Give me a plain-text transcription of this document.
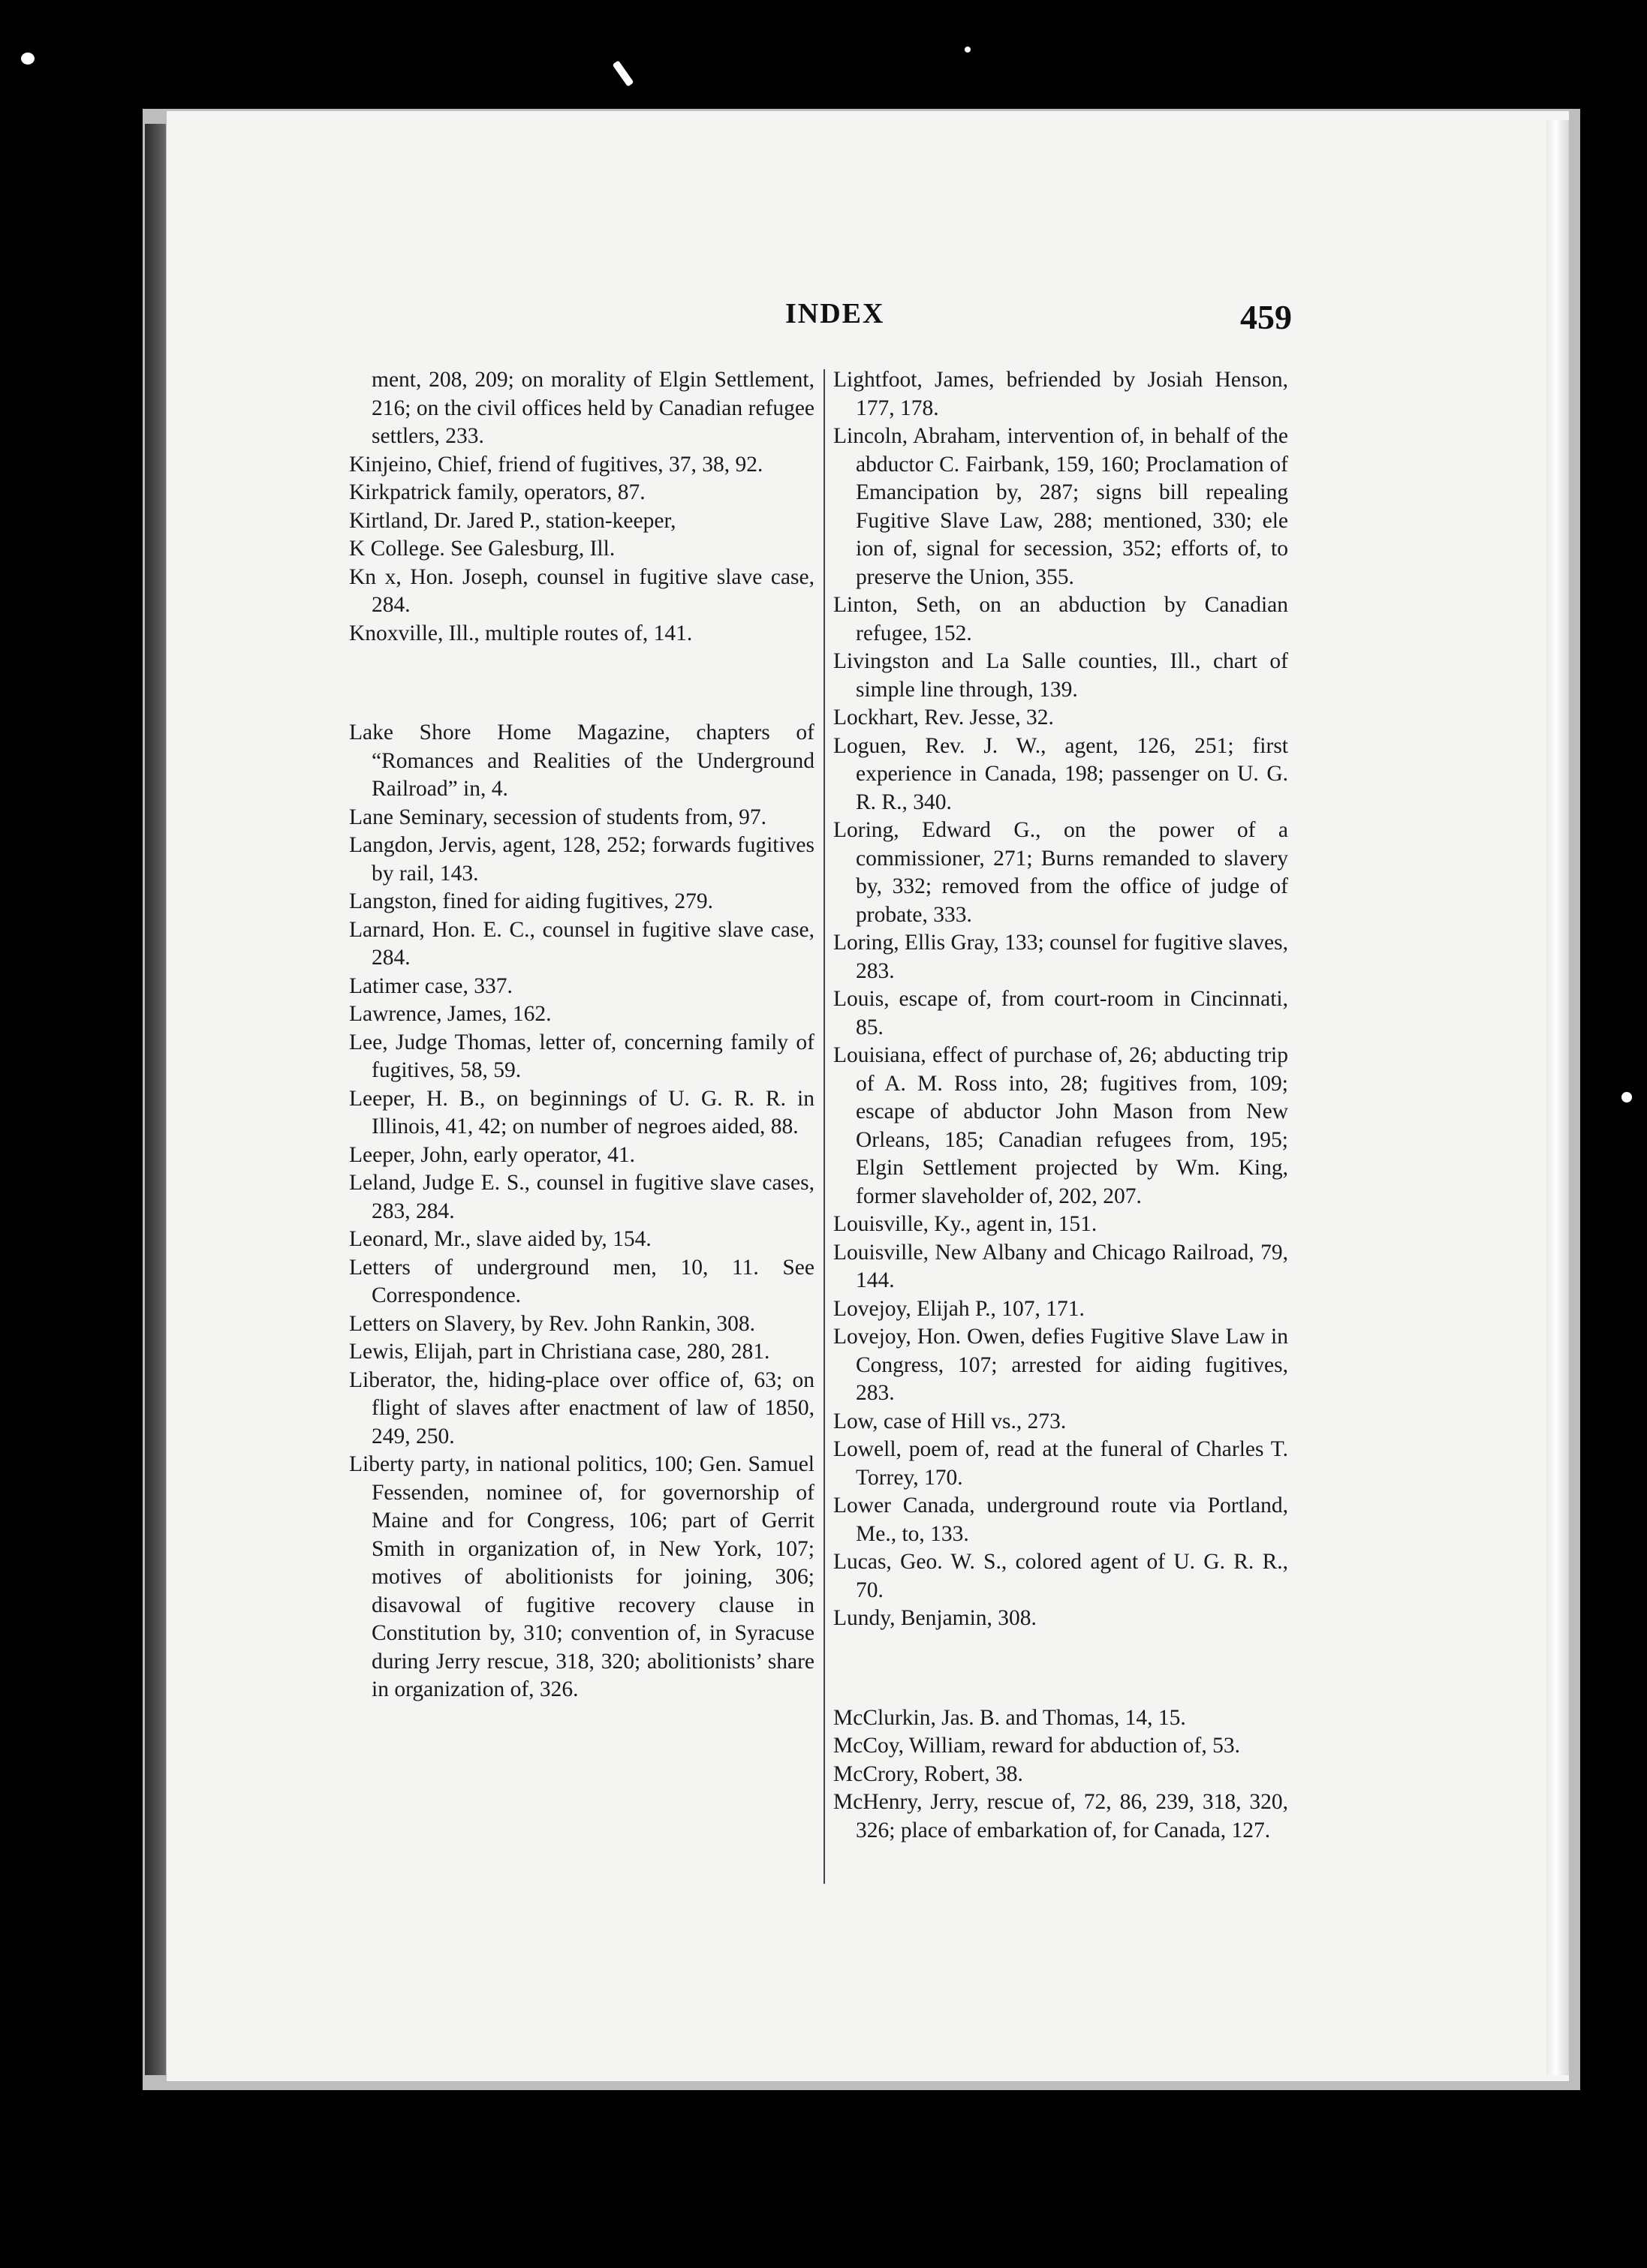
INDEX	459

ment, 208, 209; on morality of Elgin Settlement, 216; on the civil offices held by Canadian refugee settlers, 233.

Kinjeino, Chief, friend of fugitives, 37, 38, 92.

Kirkpatrick family, operators, 87.

Kirtland, Dr. Jared P., station-keeper,

K College. See Galesburg, Ill.

Kn x, Hon. Joseph, counsel in fugitive slave case, 284.

Knoxville, Ill., multiple routes of, 141.

Lake Shore Home Magazine, chapters of “Romances and Realities of the Underground Railroad” in, 4.

Lane Seminary, secession of students from, 97.

Langdon, Jervis, agent, 128, 252; forwards fugitives by rail, 143.

Langston, fined for aiding fugitives, 279.

Larnard, Hon. E. C., counsel in fugitive slave case, 284.

Latimer case, 337.

Lawrence, James, 162.

Lee, Judge Thomas, letter of, concerning family of fugitives, 58, 59.

Leeper, H. B., on beginnings of U. G. R. R. in Illinois, 41, 42; on number of negroes aided, 88.

Leeper, John, early operator, 41.

Leland, Judge E. S., counsel in fugitive slave cases, 283, 284.

Leonard, Mr., slave aided by, 154.

Letters of underground men, 10, 11. See Correspondence.

Letters on Slavery, by Rev. John Rankin, 308.

Lewis, Elijah, part in Christiana case, 280, 281.

Liberator, the, hiding-place over office of, 63; on flight of slaves after enactment of law of 1850, 249, 250.

Liberty party, in national politics, 100; Gen. Samuel Fessenden, nominee of, for governorship of Maine and for Congress, 106; part of Gerrit Smith in organization of, in New York, 107; motives of abolitionists for joining, 306; disavowal of fugitive recovery clause in Constitution by, 310; convention of, in Syracuse during Jerry rescue, 318, 320; abolitionists’ share in organization of, 326.

Lightfoot, James, befriended by Josiah Henson, 177, 178.

Lincoln, Abraham, intervention of, in behalf of the abductor C. Fairbank, 159, 160; Proclamation of Emancipation by, 287; signs bill repealing Fugitive Slave Law, 288; mentioned, 330; ele ion of, signal for secession, 352; efforts of, to preserve the Union, 355.

Linton, Seth, on an abduction by Canadian refugee, 152.

Livingston and La Salle counties, Ill., chart of simple line through, 139.

Lockhart, Rev. Jesse, 32.

Loguen, Rev. J. W., agent, 126, 251; first experience in Canada, 198; passenger on U. G. R. R., 340.

Loring, Edward G., on the power of a commissioner, 271; Burns remanded to slavery by, 332; removed from the office of judge of probate, 333.

Loring, Ellis Gray, 133; counsel for fugitive slaves, 283.

Louis, escape of, from court-room in Cincinnati, 85.

Louisiana, effect of purchase of, 26; abducting trip of A. M. Ross into, 28; fugitives from, 109; escape of abductor John Mason from New Orleans, 185; Canadian refugees from, 195; Elgin Settlement projected by Wm. King, former slaveholder of, 202, 207.

Louisville, Ky., agent in, 151.

Louisville, New Albany and Chicago Railroad, 79, 144.

Lovejoy, Elijah P., 107, 171.

Lovejoy, Hon. Owen, defies Fugitive Slave Law in Congress, 107; arrested for aiding fugitives, 283.

Low, case of Hill vs., 273.

Lowell, poem of, read at the funeral of Charles T. Torrey, 170.

Lower Canada, underground route via Portland, Me., to, 133.

Lucas, Geo. W. S., colored agent of U. G. R. R., 70.

Lundy, Benjamin, 308.

McClurkin, Jas. B. and Thomas, 14, 15.

McCoy, William, reward for abduction of, 53.

McCrory, Robert, 38.

McHenry, Jerry, rescue of, 72, 86, 239, 318, 320, 326; place of embarkation of, for Canada, 127.
